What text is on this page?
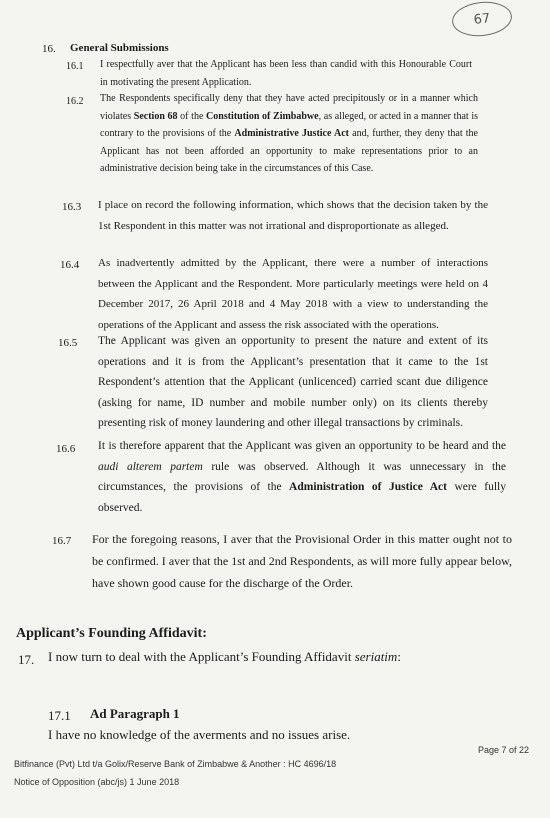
67
16. General Submissions
16.1 I respectfully aver that the Applicant has been less than candid with this Honourable Court in motivating the present Application.
16.2 The Respondents specifically deny that they have acted precipitously or in a manner which violates Section 68 of the Constitution of Zimbabwe, as alleged, or acted in a manner that is contrary to the provisions of the Administrative Justice Act and, further, they deny that the Applicant has not been afforded an opportunity to make representations prior to an administrative decision being take in the circumstances of this Case.
16.3 I place on record the following information, which shows that the decision taken by the 1st Respondent in this matter was not irrational and disproportionate as alleged.
16.4 As inadvertently admitted by the Applicant, there were a number of interactions between the Applicant and the Respondent. More particularly meetings were held on 4 December 2017, 26 April 2018 and 4 May 2018 with a view to understanding the operations of the Applicant and assess the risk associated with the operations.
16.5 The Applicant was given an opportunity to present the nature and extent of its operations and it is from the Applicant’s presentation that it came to the 1st Respondent’s attention that the Applicant (unlicenced) carried scant due diligence (asking for name, ID number and mobile number only) on its clients thereby presenting risk of money laundering and other illegal transactions by criminals.
16.6 It is therefore apparent that the Applicant was given an opportunity to be heard and the audi alterem partem rule was observed. Although it was unnecessary in the circumstances, the provisions of the Administration of Justice Act were fully observed.
16.7 For the foregoing reasons, I aver that the Provisional Order in this matter ought not to be confirmed. I aver that the 1st and 2nd Respondents, as will more fully appear below, have shown good cause for the discharge of the Order.
Applicant’s Founding Affidavit:
17. I now turn to deal with the Applicant’s Founding Affidavit seriatim:
17.1 Ad Paragraph 1
I have no knowledge of the averments and no issues arise.
Bitfinance (Pvt) Ltd t/a Golix/Reserve Bank of Zimbabwe & Another : HC 4696/18
Notice of Opposition (abc/js) 1 June 2018
Page 7 of 22
